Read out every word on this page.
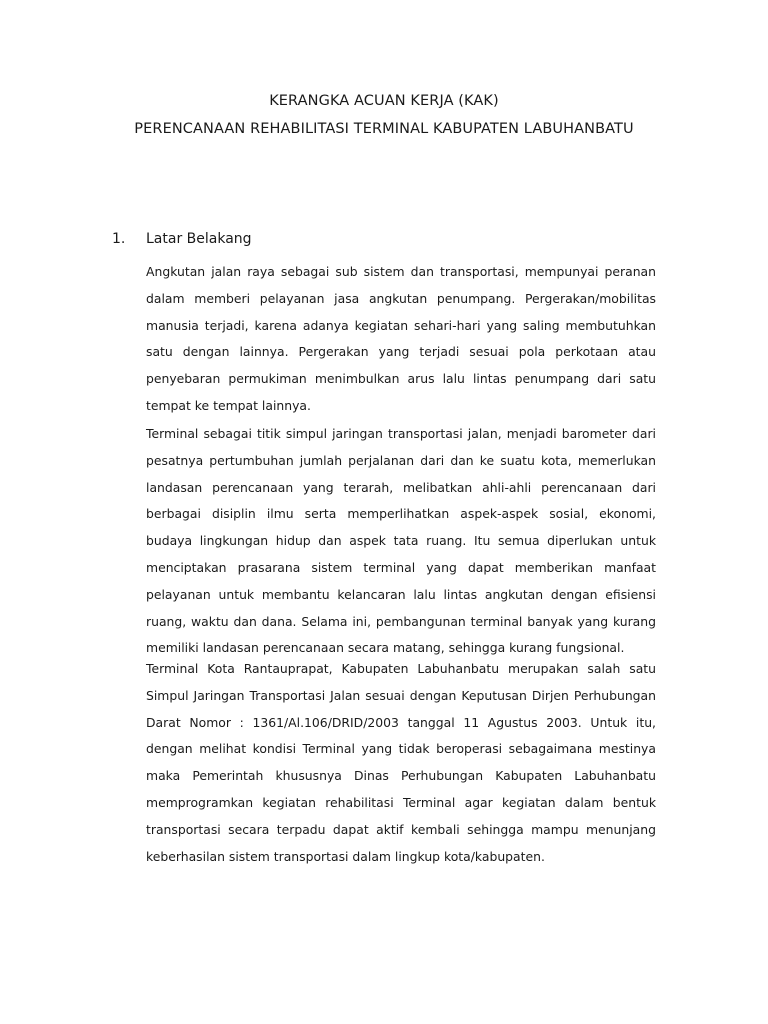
KERANGKA ACUAN KERJA (KAK)
PERENCANAAN REHABILITASI TERMINAL KABUPATEN LABUHANBATU
1. Latar Belakang

Angkutan jalan raya sebagai sub sistem dan transportasi, mempunyai peranan dalam memberi pelayanan jasa angkutan penumpang. Pergerakan/mobilitas manusia terjadi, karena adanya kegiatan sehari-hari yang saling membutuhkan satu dengan lainnya. Pergerakan yang terjadi sesuai pola perkotaan atau penyebaran permukiman menimbulkan arus lalu lintas penumpang dari satu tempat ke tempat lainnya.

Terminal sebagai titik simpul jaringan transportasi jalan, menjadi barometer dari pesatnya pertumbuhan jumlah perjalanan dari dan ke suatu kota, memerlukan landasan perencanaan yang terarah, melibatkan ahli-ahli perencanaan dari berbagai disiplin ilmu serta memperlihatkan aspek-aspek sosial, ekonomi, budaya lingkungan hidup dan aspek tata ruang. Itu semua diperlukan untuk menciptakan prasarana sistem terminal yang dapat memberikan manfaat pelayanan untuk membantu kelancaran lalu lintas angkutan dengan efisiensi ruang, waktu dan dana. Selama ini, pembangunan terminal banyak yang kurang memiliki landasan perencanaan secara matang, sehingga kurang fungsional.

Terminal Kota Rantauprapat, Kabupaten Labuhanbatu merupakan salah satu Simpul Jaringan Transportasi Jalan sesuai dengan Keputusan Dirjen Perhubungan Darat Nomor : 1361/Al.106/DRID/2003 tanggal 11 Agustus 2003. Untuk itu, dengan melihat kondisi Terminal yang tidak beroperasi sebagaimana mestinya maka Pemerintah khususnya Dinas Perhubungan Kabupaten Labuhanbatu memprogramkan kegiatan rehabilitasi Terminal agar kegiatan dalam bentuk transportasi secara terpadu dapat aktif kembali sehingga mampu menunjang keberhasilan sistem transportasi dalam lingkup kota/kabupaten.
